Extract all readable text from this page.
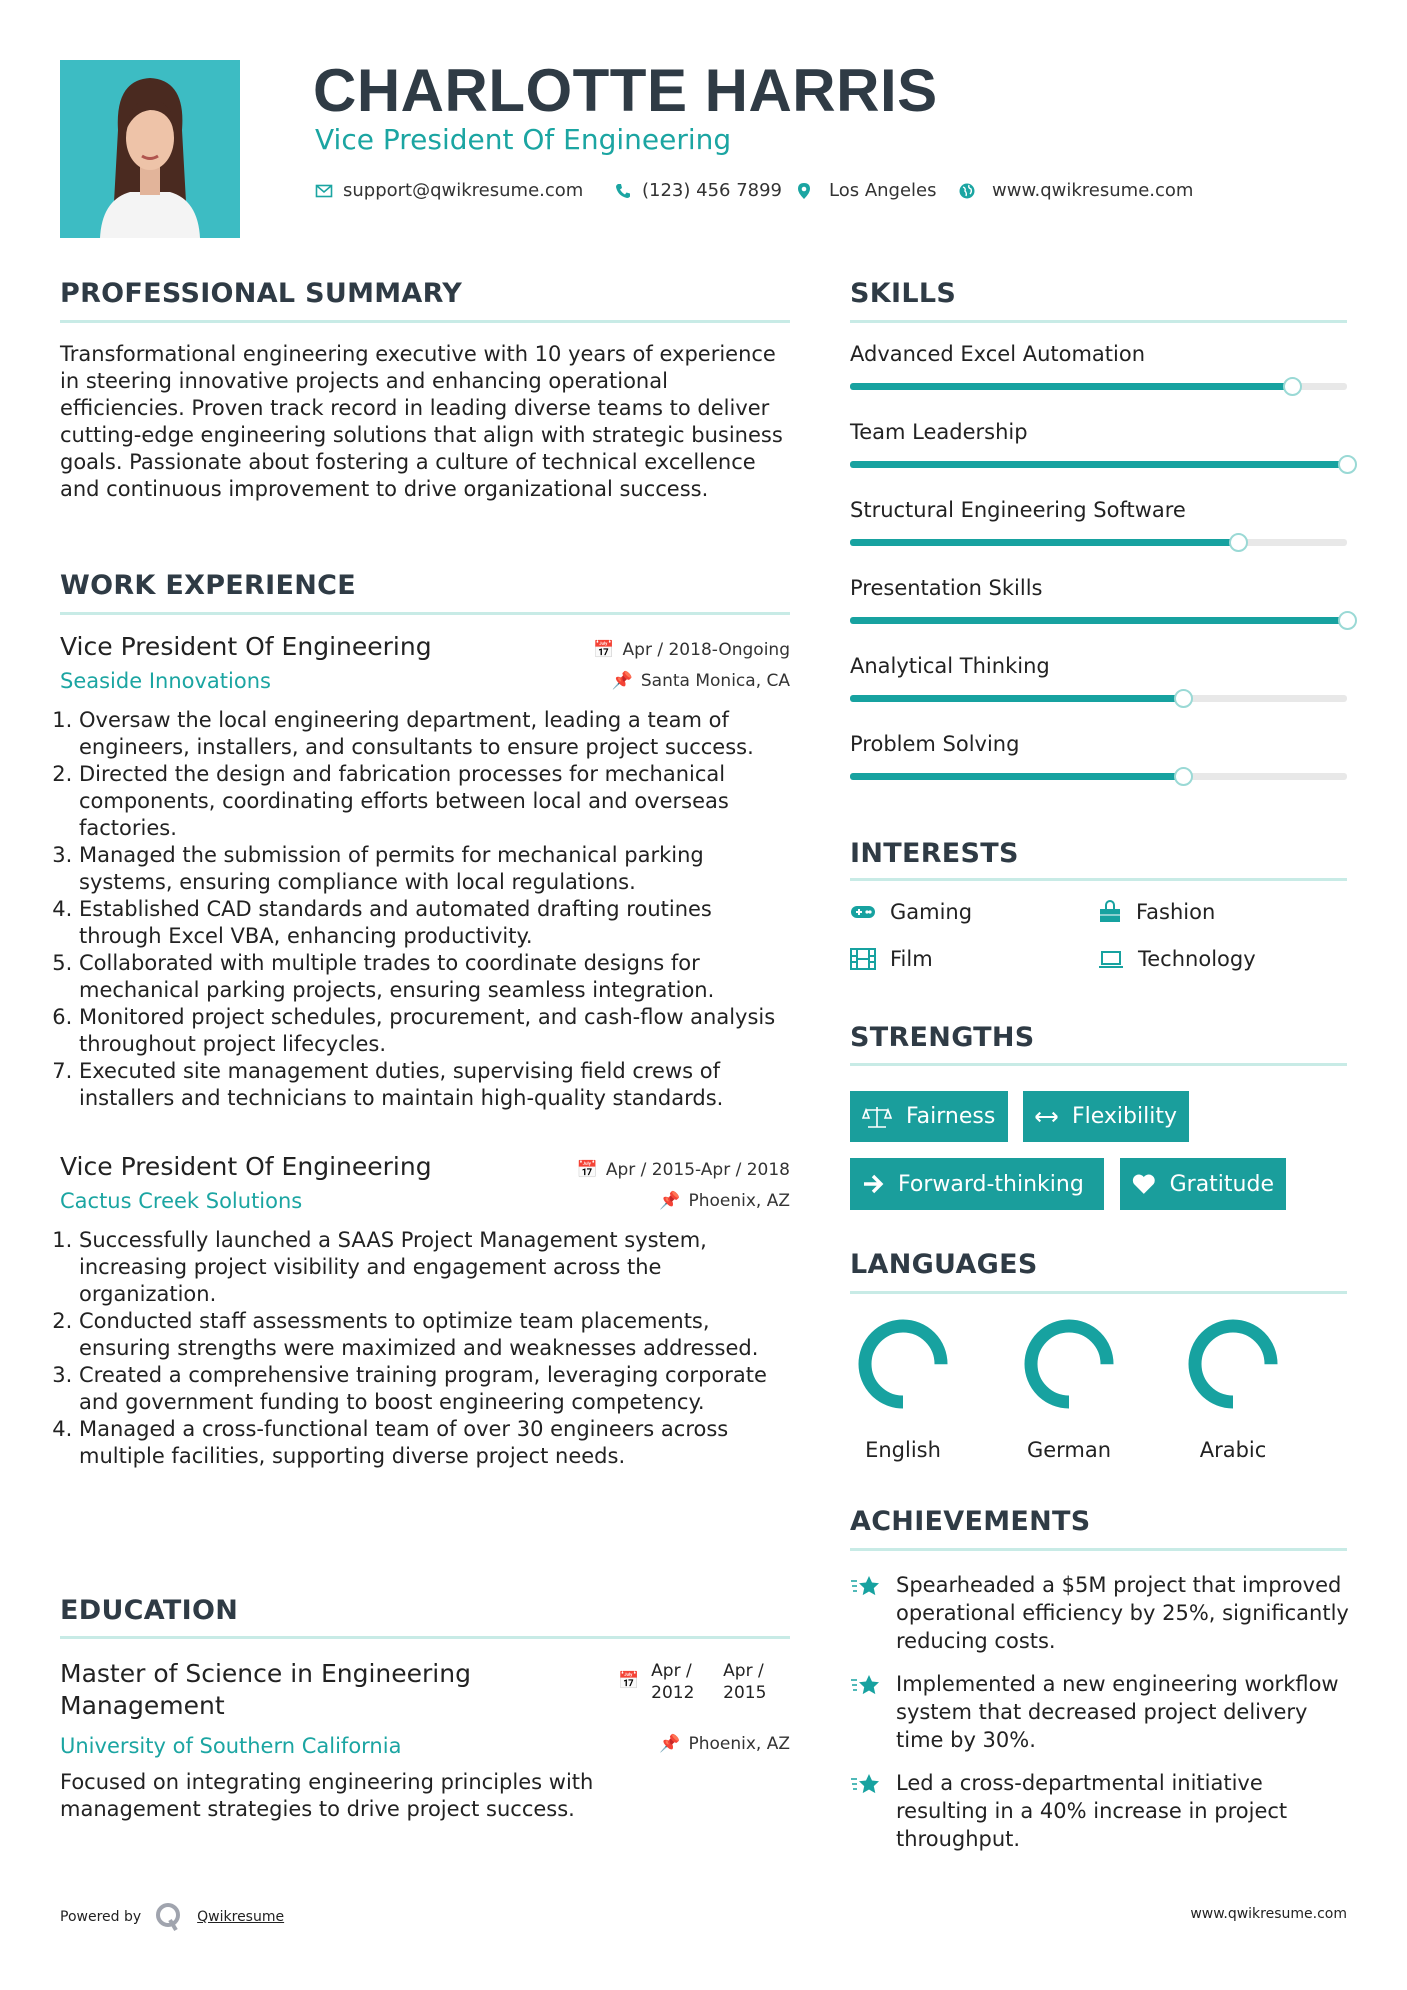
CHARLOTTE HARRIS
Vice President Of Engineering
support@qwikresume.com	(123) 456 7899	Los Angeles	www.qwikresume.com
PROFESSIONAL SUMMARY
Transformational engineering executive with 10 years of experience in steering innovative projects and enhancing operational efficiencies. Proven track record in leading diverse teams to deliver cutting-edge engineering solutions that align with strategic business goals. Passionate about fostering a culture of technical excellence and continuous improvement to drive organizational success.
WORK EXPERIENCE
Vice President Of Engineering	📅 Apr / 2018-Ongoing
Seaside Innovations	📌 Santa Monica, CA
1. Oversaw the local engineering department, leading a team of engineers, installers, and consultants to ensure project success.
2. Directed the design and fabrication processes for mechanical components, coordinating efforts between local and overseas factories.
3. Managed the submission of permits for mechanical parking systems, ensuring compliance with local regulations.
4. Established CAD standards and automated drafting routines through Excel VBA, enhancing productivity.
5. Collaborated with multiple trades to coordinate designs for mechanical parking projects, ensuring seamless integration.
6. Monitored project schedules, procurement, and cash-flow analysis throughout project lifecycles.
7. Executed site management duties, supervising field crews of installers and technicians to maintain high-quality standards.
Vice President Of Engineering	📅 Apr / 2015-Apr / 2018
Cactus Creek Solutions	📌 Phoenix, AZ
1. Successfully launched a SAAS Project Management system, increasing project visibility and engagement across the organization.
2. Conducted staff assessments to optimize team placements, ensuring strengths were maximized and weaknesses addressed.
3. Created a comprehensive training program, leveraging corporate and government funding to boost engineering competency.
4. Managed a cross-functional team of over 30 engineers across multiple facilities, supporting diverse project needs.
EDUCATION
Master of Science in Engineering Management
📅 Apr / 2012
Apr / 2015
University of Southern California	📌 Phoenix, AZ
Focused on integrating engineering principles with management strategies to drive project success.
SKILLS
Advanced Excel Automation
Team Leadership
Structural Engineering Software
Presentation Skills
Analytical Thinking
Problem Solving
INTERESTS
Gaming	Fashion
Film	Technology
STRENGTHS
Fairness	Flexibility
Forward-thinking	Gratitude
LANGUAGES
English	German	Arabic
ACHIEVEMENTS
Spearheaded a $5M project that improved operational efficiency by 25%, significantly reducing costs.
Implemented a new engineering workflow system that decreased project delivery time by 30%.
Led a cross-departmental initiative resulting in a 40% increase in project throughput.
Powered by	Qwikresume	www.qwikresume.com
